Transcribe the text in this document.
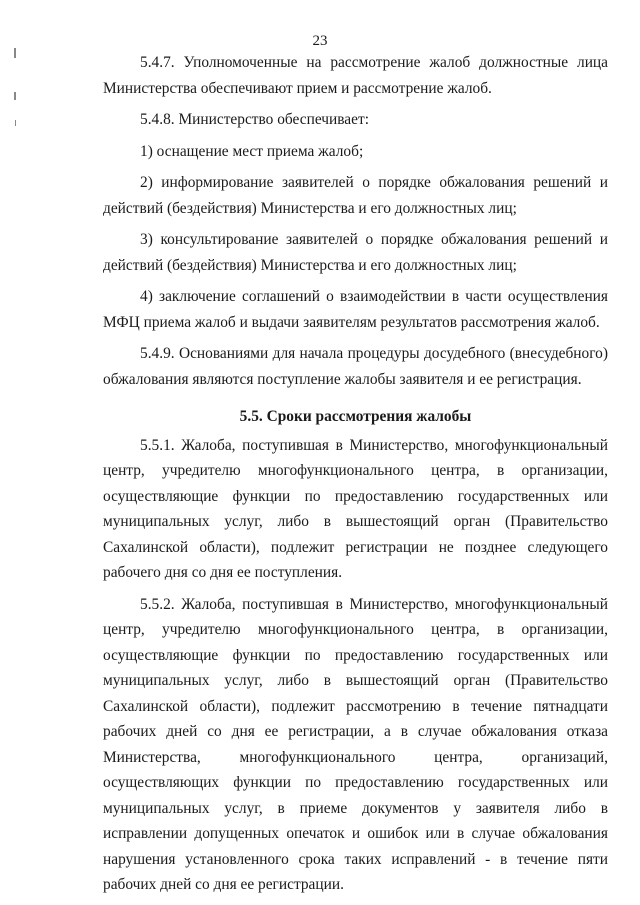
23

5.4.7. Уполномоченные на рассмотрение жалоб должностные лица Министерства обеспечивают прием и рассмотрение жалоб.

5.4.8. Министерство обеспечивает:

1) оснащение мест приема жалоб;

2) информирование заявителей о порядке обжалования решений и действий (бездействия) Министерства и его должностных лиц;

3) консультирование заявителей о порядке обжалования решений и действий (бездействия) Министерства и его должностных лиц;

4) заключение соглашений о взаимодействии в части осуществления МФЦ приема жалоб и выдачи заявителям результатов рассмотрения жалоб.

5.4.9. Основаниями для начала процедуры досудебного (внесудебного) обжалования являются поступление жалобы заявителя и ее регистрация.

5.5. Сроки рассмотрения жалобы

5.5.1. Жалоба, поступившая в Министерство, многофункциональный центр, учредителю многофункционального центра, в организации, осуществляющие функции по предоставлению государственных или муниципальных услуг, либо в вышестоящий орган (Правительство Сахалинской области), подлежит регистрации не позднее следующего рабочего дня со дня ее поступления.

5.5.2. Жалоба, поступившая в Министерство, многофункциональный центр, учредителю многофункционального центра, в организации, осуществляющие функции по предоставлению государственных или муниципальных услуг, либо в вышестоящий орган (Правительство Сахалинской области), подлежит рассмотрению в течение пятнадцати рабочих дней со дня ее регистрации, а в случае обжалования отказа Министерства, многофункционального центра, организаций, осуществляющих функции по предоставлению государственных или муниципальных услуг, в приеме документов у заявителя либо в исправлении допущенных опечаток и ошибок или в случае обжалования нарушения установленного срока таких исправлений - в течение пяти рабочих дней со дня ее регистрации.
